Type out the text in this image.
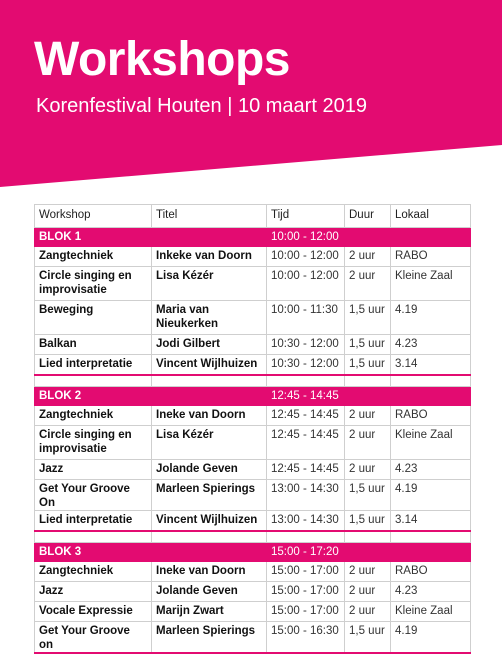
Workshops

Korenfestival Houten | 10 maart 2019

Workshop	Titel	Tijd	Duur	Lokaal
BLOK 1		10:00 - 12:00		
Zangtechniek	Inkeke van Doorn	10:00 - 12:00	2 uur	RABO
Circle singing en improvisatie	Lisa Kézér	10:00 - 12:00	2 uur	Kleine Zaal
Beweging	Maria van Nieukerken	10:00 - 11:30	1,5 uur	4.19
Balkan	Jodi Gilbert	10:30 - 12:00	1,5 uur	4.23
Lied interpretatie	Vincent Wijlhuizen	10:30 - 12:00	1,5 uur	3.14

BLOK 2		12:45 - 14:45		
Zangtechniek	Ineke van Doorn	12:45 - 14:45	2 uur	RABO
Circle singing en improvisatie	Lisa Kézér	12:45 - 14:45	2 uur	Kleine Zaal
Jazz	Jolande Geven	12:45 - 14:45	2 uur	4.23
Get Your Groove On	Marleen Spierings	13:00 - 14:30	1,5 uur	4.19
Lied interpretatie	Vincent Wijlhuizen	13:00 - 14:30	1,5 uur	3.14

BLOK 3		15:00 - 17:20		
Zangtechniek	Ineke van Doorn	15:00 - 17:00	2 uur	RABO
Jazz	Jolande Geven	15:00 - 17:00	2 uur	4.23
Vocale Expressie	Marijn Zwart	15:00 - 17:00	2 uur	Kleine Zaal
Get Your Groove on	Marleen Spierings	15:00 - 16:30	1,5 uur	4.19
